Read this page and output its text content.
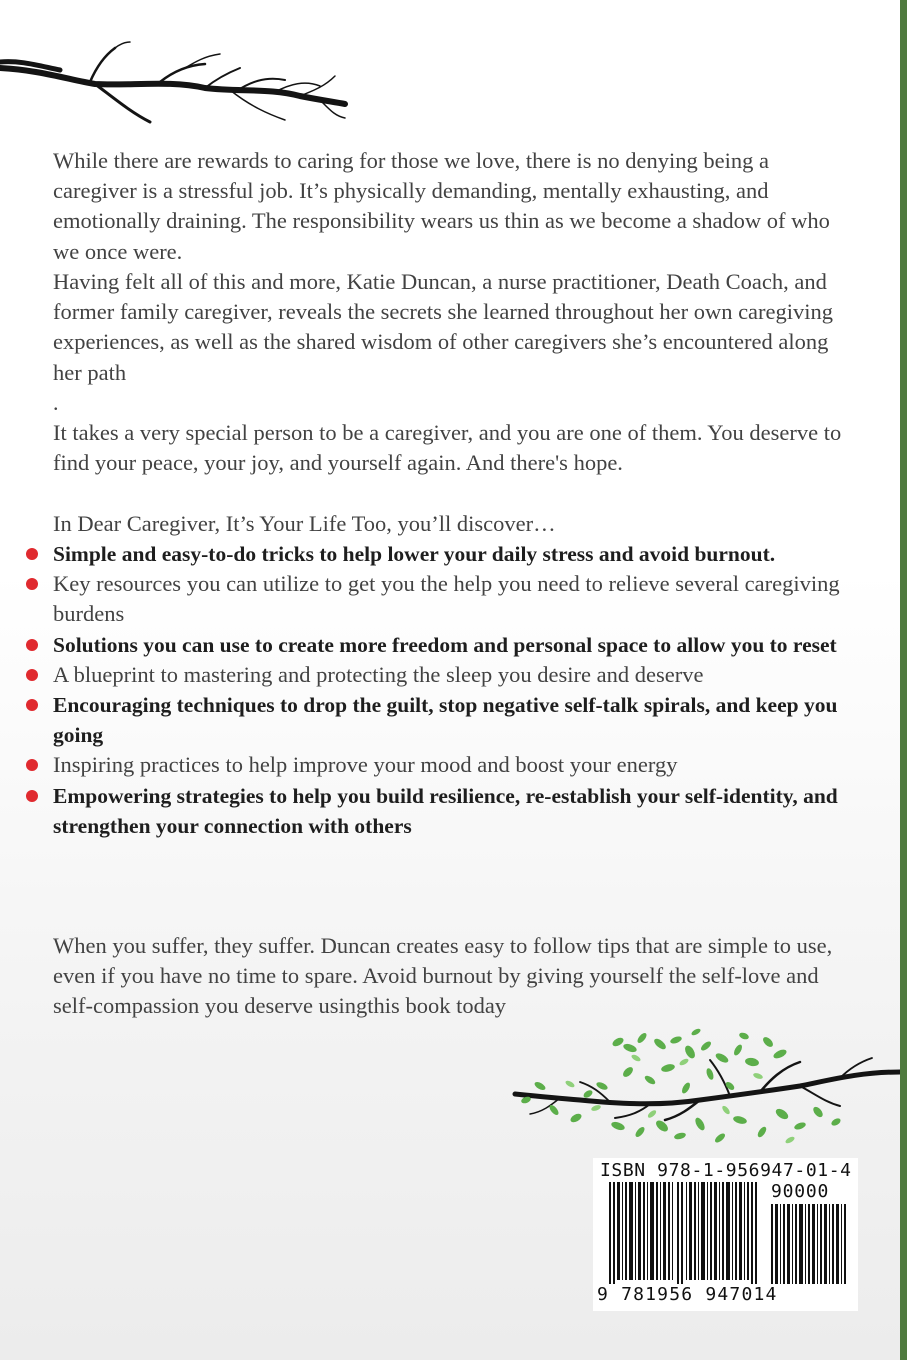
While there are rewards to caring for those we love, there is no denying being a caregiver is a stressful job. It’s physically demanding, mentally exhausting, and emotionally draining. The responsibility wears us thin as we become a shadow of who we once were.

Having felt all of this and more, Katie Duncan, a nurse practitioner, Death Coach, and former family caregiver, reveals the secrets she learned throughout her own caregiving experiences, as well as the shared wisdom of other caregivers she’s encountered along her path

.

It takes a very special person to be a caregiver, and you are one of them. You deserve to find your peace, your joy, and yourself again. And there's hope.

In Dear Caregiver, It’s Your Life Too, you’ll discover…

Simple and easy-to-do tricks to help lower your daily stress and avoid burnout.
Key resources you can utilize to get you the help you need to relieve several caregiving burdens
Solutions you can use to create more freedom and personal space to allow you to reset
A blueprint to mastering and protecting the sleep you desire and deserve
Encouraging techniques to drop the guilt, stop negative self-talk spirals, and keep you going
Inspiring practices to help improve your mood and boost your energy
Empowering strategies to help you build resilience, re-establish your self-identity, and strengthen your connection with others

When you suffer, they suffer. Duncan creates easy to follow tips that are simple to use, even if you have no time to spare. Avoid burnout by giving yourself the self-love and self-compassion you deserve usingthis book today

ISBN 978-1-956947-01-4
90000
9 781956 947014
